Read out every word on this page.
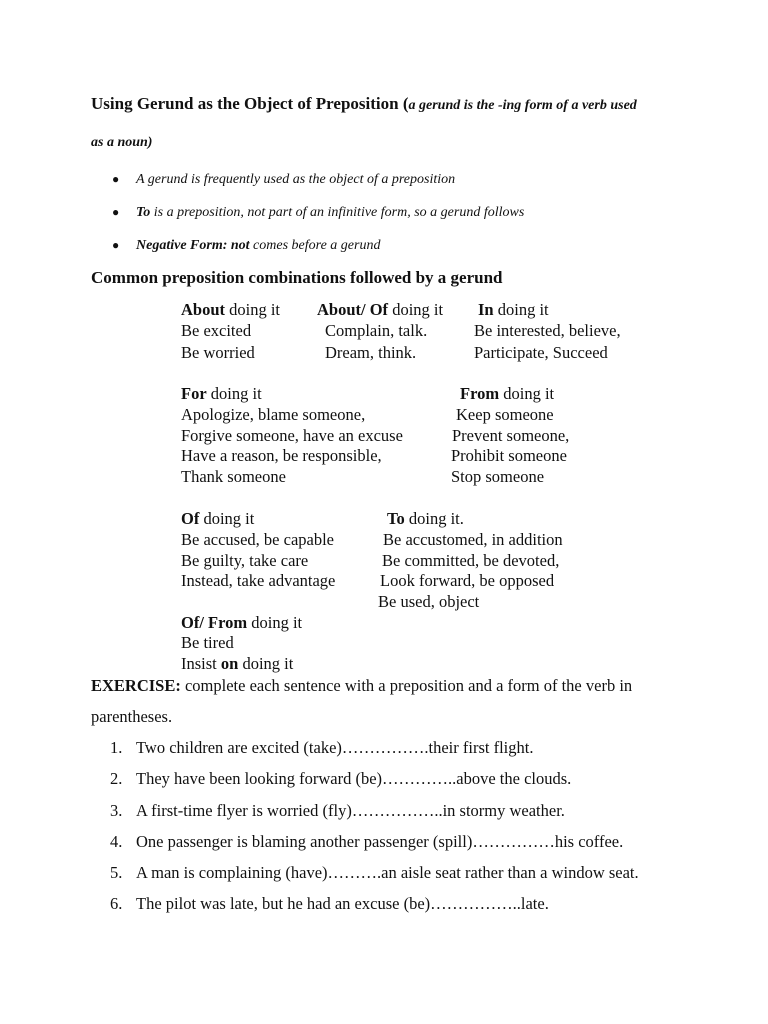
Using Gerund as the Object of Preposition (a gerund is the -ing form of a verb used
as a noun)
● A gerund is frequently used as the object of a preposition
● To is a preposition, not part of an infinitive form, so a gerund follows
● Negative Form: not comes before a gerund
Common preposition combinations followed by a gerund
About doing it
Be excited
Be worried
About/ Of doing it
Complain, talk.
Dream, think.
In doing it
Be interested, believe,
Participate, Succeed
For doing it
Apologize, blame someone,
Forgive someone, have an excuse
Have a reason, be responsible,
Thank someone
From doing it
Keep someone
Prevent someone,
Prohibit someone
Stop someone
Of doing it
Be accused, be capable
Be guilty, take care
Instead, take advantage
To doing it.
Be accustomed, in addition
Be committed, be devoted,
Look forward, be opposed
Be used, object
Of/ From doing it
Be tired
Insist on doing it
EXERCISE: complete each sentence with a preposition and a form of the verb in
parentheses.
1. Two children are excited (take)…………….their first flight.
2. They have been looking forward (be)…………..above the clouds.
3. A first-time flyer is worried (fly)……………..in stormy weather.
4. One passenger is blaming another passenger (spill)……………his coffee.
5. A man is complaining (have)……….an aisle seat rather than a window seat.
6. The pilot was late, but he had an excuse (be)……………..late.
